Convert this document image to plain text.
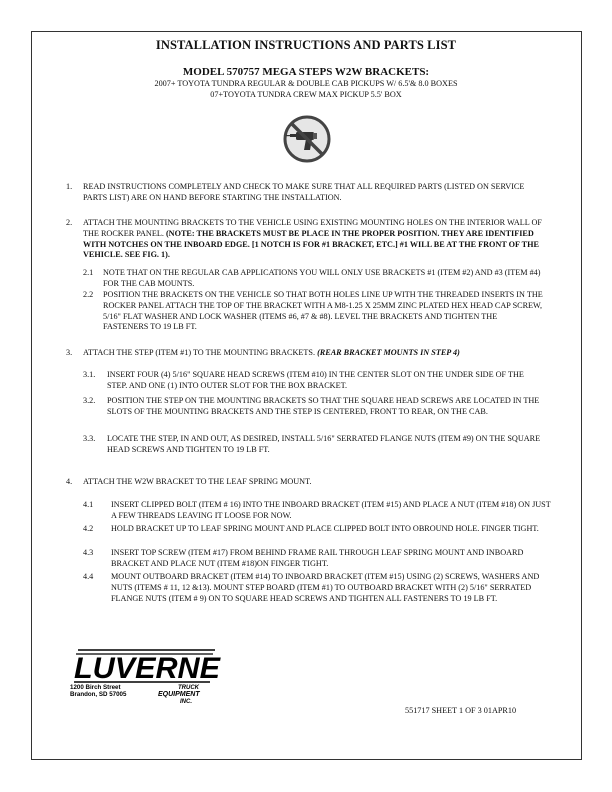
INSTALLATION INSTRUCTIONS AND PARTS LIST
MODEL 570757 MEGA STEPS W2W BRACKETS:
2007+ TOYOTA TUNDRA REGULAR & DOUBLE CAB PICKUPS W/ 6.5'& 8.0 BOXES
07+TOYOTA TUNDRA CREW MAX PICKUP 5.5' BOX
1. READ INSTRUCTIONS COMPLETELY AND CHECK TO MAKE SURE THAT ALL REQUIRED PARTS (LISTED ON SERVICE PARTS LIST) ARE ON HAND BEFORE STARTING THE INSTALLATION.
2. ATTACH THE MOUNTING BRACKETS TO THE VEHICLE USING EXISTING MOUNTING HOLES ON THE INTERIOR WALL OF THE ROCKER PANEL. (NOTE: THE BRACKETS MUST BE PLACE IN THE PROPER POSITION. THEY ARE IDENTIFIED WITH NOTCHES ON THE INBOARD EDGE. [1 NOTCH IS FOR #1 BRACKET, ETC.] #1 WILL BE AT THE FRONT OF THE VEHICLE. SEE FIG. 1).
2.1 NOTE THAT ON THE REGULAR CAB APPLICATIONS YOU WILL ONLY USE BRACKETS #1 (ITEM #2) AND #3 (ITEM #4) FOR THE CAB MOUNTS.
2.2 POSITION THE BRACKETS ON THE VEHICLE SO THAT BOTH HOLES LINE UP WITH THE THREADED INSERTS IN THE ROCKER PANEL ATTACH THE TOP OF THE BRACKET WITH A M8-1.25 X 25MM ZINC PLATED HEX HEAD CAP SCREW, 5/16" FLAT WASHER AND LOCK WASHER (ITEMS #6, #7 & #8). LEVEL THE BRACKETS AND TIGHTEN THE FASTENERS TO 19 LB FT.
3. ATTACH THE STEP (ITEM #1) TO THE MOUNTING BRACKETS. (REAR BRACKET MOUNTS IN STEP 4)
3.1. INSERT FOUR (4) 5/16" SQUARE HEAD SCREWS (ITEM #10) IN THE CENTER SLOT ON THE UNDER SIDE OF THE STEP. AND ONE (1) INTO OUTER SLOT FOR THE BOX BRACKET.
3.2. POSITION THE STEP ON THE MOUNTING BRACKETS SO THAT THE SQUARE HEAD SCREWS ARE LOCATED IN THE SLOTS OF THE MOUNTING BRACKETS AND THE STEP IS CENTERED, FRONT TO REAR, ON THE CAB.
3.3. LOCATE THE STEP, IN AND OUT, AS DESIRED, INSTALL 5/16" SERRATED FLANGE NUTS (ITEM #9) ON THE SQUARE HEAD SCREWS AND TIGHTEN TO 19 LB FT.
4. ATTACH THE W2W BRACKET TO THE LEAF SPRING MOUNT.
4.1 INSERT CLIPPED BOLT (ITEM # 16) INTO THE INBOARD BRACKET (ITEM #15) AND PLACE A NUT (ITEM #18) ON JUST A FEW THREADS LEAVING IT LOOSE FOR NOW.
4.2 HOLD BRACKET UP TO LEAF SPRING MOUNT AND PLACE CLIPPED BOLT INTO OBROUND HOLE. FINGER TIGHT.
4.3 INSERT TOP SCREW (ITEM #17) FROM BEHIND FRAME RAIL THROUGH LEAF SPRING MOUNT AND INBOARD BRACKET AND PLACE NUT (ITEM #18)ON FINGER TIGHT.
4.4 MOUNT OUTBOARD BRACKET (ITEM #14) TO INBOARD BRACKET (ITEM #15) USING (2) SCREWS, WASHERS AND NUTS (ITEMS # 11, 12 &13). MOUNT STEP BOARD (ITEM #1) TO OUTBOARD BRACKET WITH (2) 5/16" SERRATED FLANGE NUTS (ITEM # 9) ON TO SQUARE HEAD SCREWS AND TIGHTEN ALL FASTENERS TO 19 LB FT.
LUVERNE
TRUCK
EQUIPMENT
INC.
1200 Birch Street
Brandon, SD 57005
551717 SHEET 1 OF 3 01APR10
